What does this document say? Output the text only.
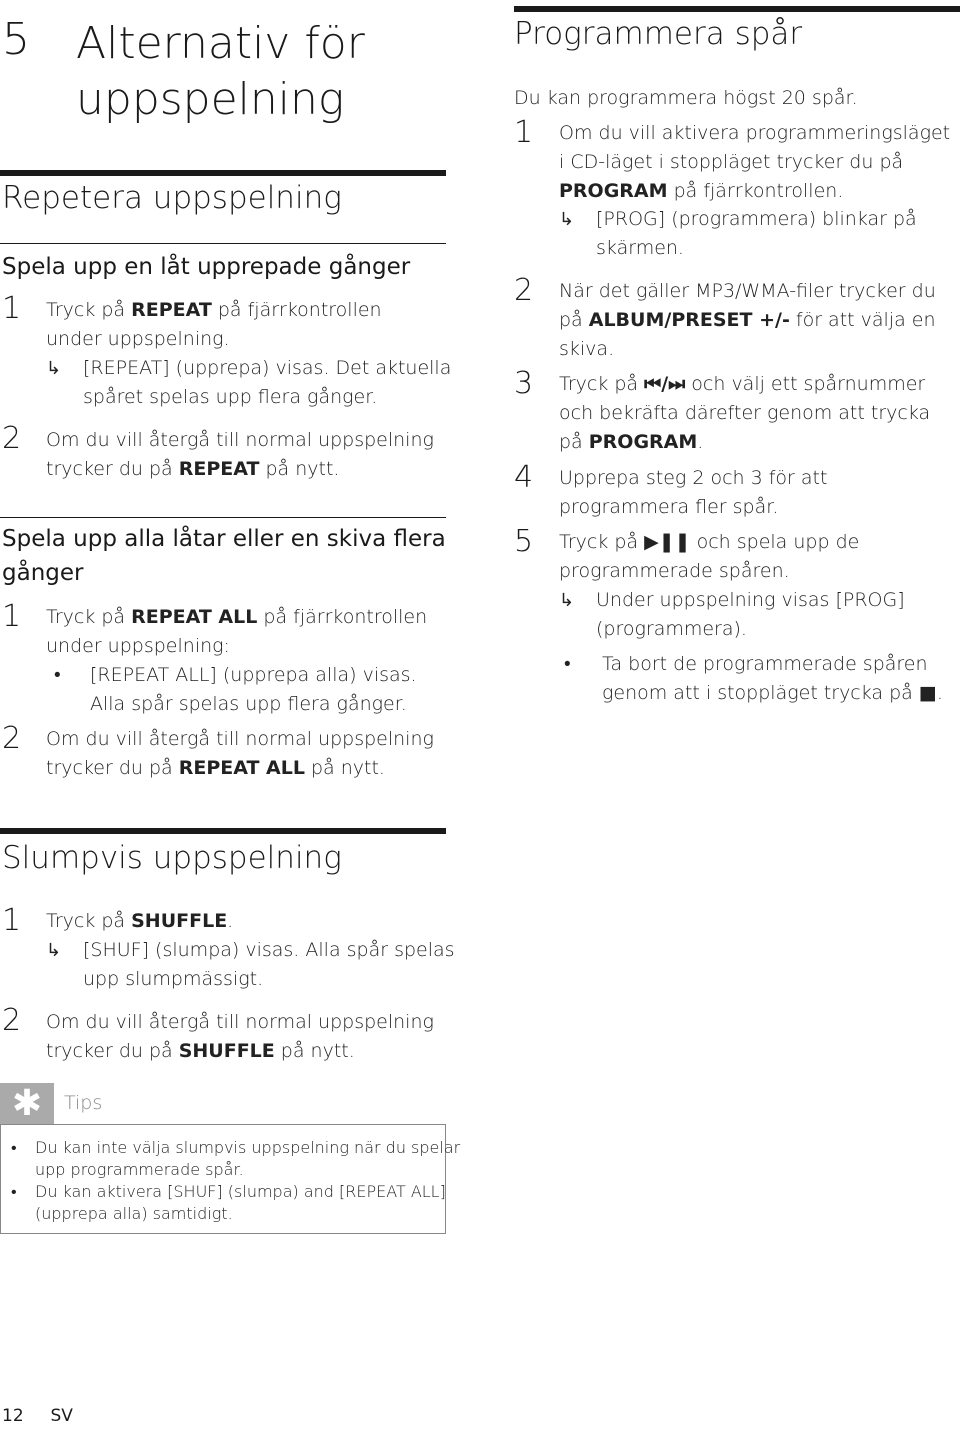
5 Alternativ för
uppspelning
Repetera uppspelning
Spela upp en låt upprepade gånger
1 Tryck på REPEAT på fjärrkontrollen
under uppspelning.
↳ [REPEAT] (upprepa) visas. Det aktuella
spåret spelas upp flera gånger.
2 Om du vill återgå till normal uppspelning
trycker du på REPEAT på nytt.
Spela upp alla låtar eller en skiva flera
gånger
1 Tryck på REPEAT ALL på fjärrkontrollen
under uppspelning:
• [REPEAT ALL] (upprepa alla) visas.
Alla spår spelas upp flera gånger.
2 Om du vill återgå till normal uppspelning
trycker du på REPEAT ALL på nytt.
Slumpvis uppspelning
1 Tryck på SHUFFLE.
↳ [SHUF] (slumpa) visas. Alla spår spelas
upp slumpmässigt.
2 Om du vill återgå till normal uppspelning
trycker du på SHUFFLE på nytt.
✱	Tips
• Du kan inte välja slumpvis uppspelning när du spelar
upp programmerade spår.
• Du kan aktivera [SHUF] (slumpa) and [REPEAT ALL]
(upprepa alla) samtidigt.
Programmera spår
Du kan programmera högst 20 spår.
1 Om du vill aktivera programmeringsläget
i CD-läget i stoppläget trycker du på
PROGRAM på fjärrkontrollen.
↳ [PROG] (programmera) blinkar på
skärmen.
2 När det gäller MP3/WMA-filer trycker du
på ALBUM/PRESET +/- för att välja en
skiva.
3 Tryck på ⏮/⏭ och välj ett spårnummer
och bekräfta därefter genom att trycka
på PROGRAM.
4 Upprepa steg 2 och 3 för att
programmera fler spår.
5 Tryck på ▶❚❚ och spela upp de
programmerade spåren.
↳ Under uppspelning visas [PROG]
(programmera).
• Ta bort de programmerade spåren
genom att i stoppläget trycka på ■.
12 SV
